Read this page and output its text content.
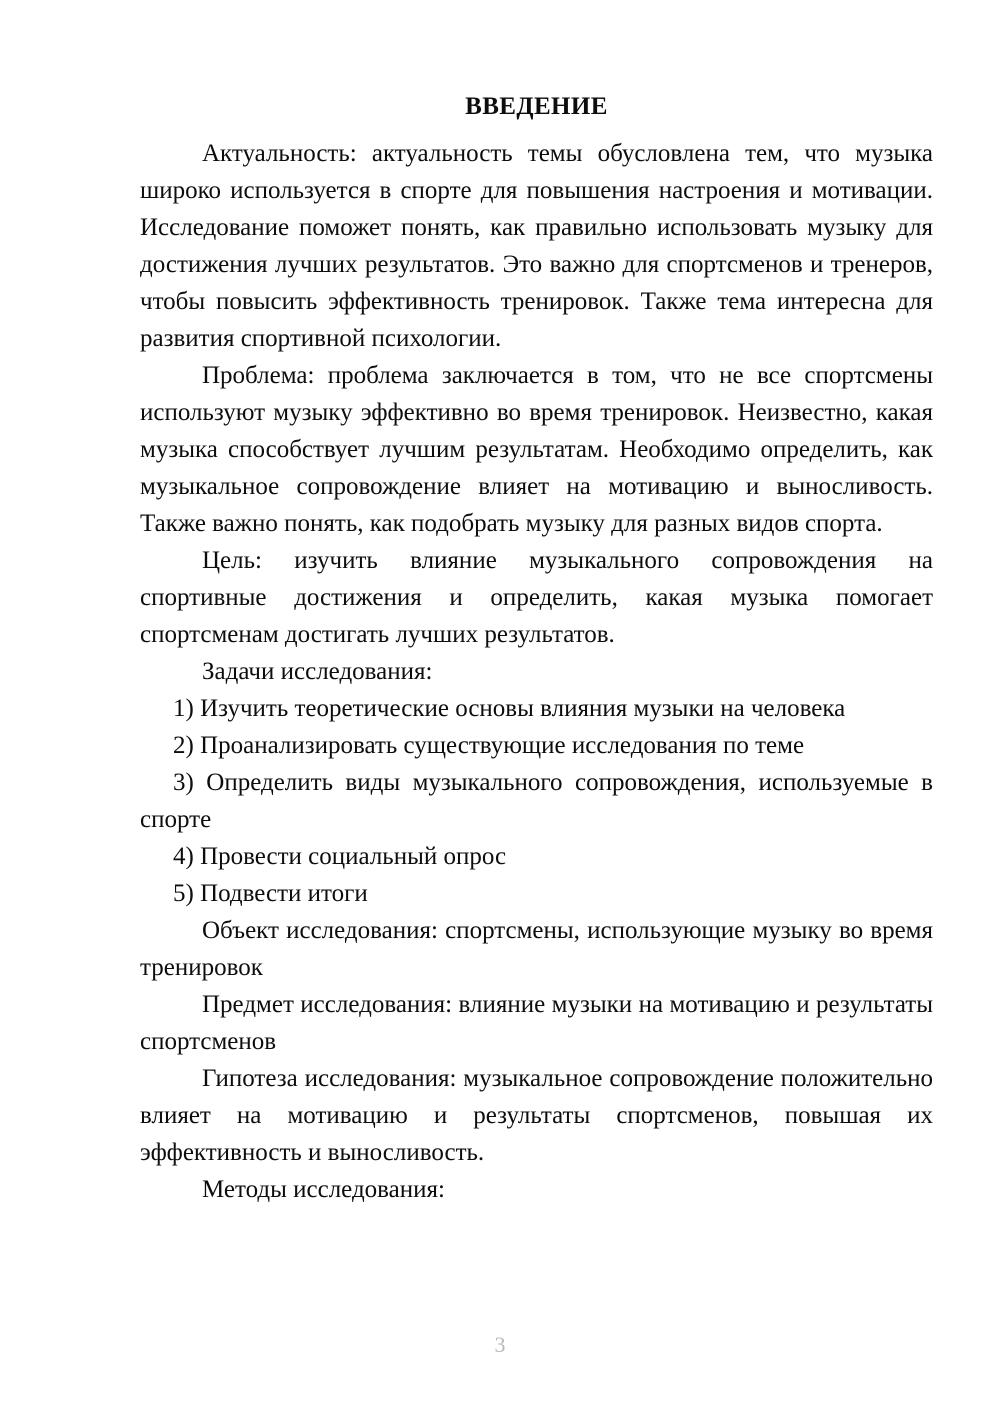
ВВЕДЕНИЕ

Актуальность: актуальность темы обусловлена тем, что музыка широко используется в спорте для повышения настроения и мотивации. Исследование поможет понять, как правильно использовать музыку для достижения лучших результатов. Это важно для спортсменов и тренеров, чтобы повысить эффективность тренировок. Также тема интересна для развития спортивной психологии.

Проблема: проблема заключается в том, что не все спортсмены используют музыку эффективно во время тренировок. Неизвестно, какая музыка способствует лучшим результатам. Необходимо определить, как музыкальное сопровождение влияет на мотивацию и выносливость. Также важно понять, как подобрать музыку для разных видов спорта.

Цель: изучить влияние музыкального сопровождения на спортивные достижения и определить, какая музыка помогает спортсменам достигать лучших результатов.

Задачи исследования:

1) Изучить теоретические основы влияния музыки на человека
2) Проанализировать существующие исследования по теме
3) Определить виды музыкального сопровождения, используемые в спорте
4) Провести социальный опрос
5) Подвести итоги

Объект исследования: спортсмены, использующие музыку во время тренировок

Предмет исследования: влияние музыки на мотивацию и результаты спортсменов

Гипотеза исследования: музыкальное сопровождение положительно влияет на мотивацию и результаты спортсменов, повышая их эффективность и выносливость.

Методы исследования:

3
